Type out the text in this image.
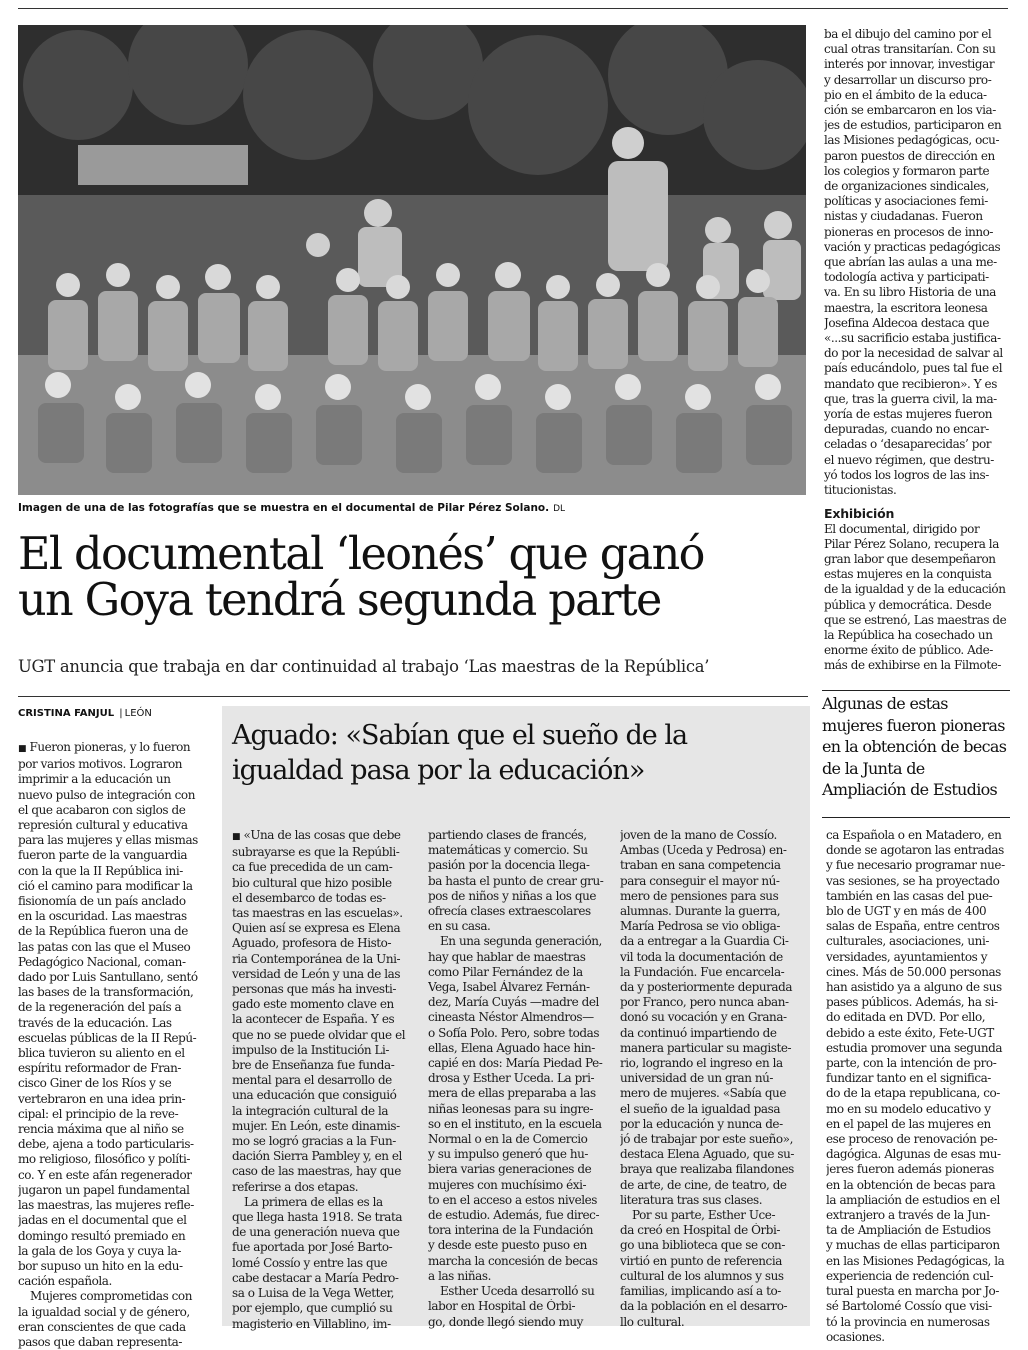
Imagen de una de las fotografías que se muestra en el documental de Pilar Pérez Solano. DL
El documental ‘leonés’ que ganó
un Goya tendrá segunda parte
UGT anuncia que trabaja en dar continuidad al trabajo ‘Las maestras de la República’
CRISTINA FANJUL | LEÓN
■ Fueron pioneras, y lo fueron
por varios motivos. Lograron
imprimir a la educación un
nuevo pulso de integración con
el que acabaron con siglos de
represión cultural y educativa
para las mujeres y ellas mismas
fueron parte de la vanguardia
con la que la II República ini-
ció el camino para modificar la
fisionomía de un país anclado
en la oscuridad. Las maestras
de la República fueron una de
las patas con las que el Museo
Pedagógico Nacional, coman-
dado por Luis Santullano, sentó
las bases de la transformación,
de la regeneración del país a
través de la educación. Las
escuelas públicas de la II Repú-
blica tuvieron su aliento en el
espíritu reformador de Fran-
cisco Giner de los Ríos y se
vertebraron en una idea prin-
cipal: el principio de la reve-
rencia máxima que al niño se
debe, ajena a todo particularis-
mo religioso, filosófico y políti-
co. Y en este afán regenerador
jugaron un papel fundamental
las maestras, las mujeres refle-
jadas en el documental que el
domingo resultó premiado en
la gala de los Goya y cuya la-
bor supuso un hito en la edu-
cación española.
Mujeres comprometidas con
la igualdad social y de género,
eran conscientes de que cada
pasos que daban representa-
ba el dibujo del camino por el
cual otras transitarían. Con su
interés por innovar, investigar
y desarrollar un discurso pro-
pio en el ámbito de la educa-
ción se embarcaron en los via-
jes de estudios, participaron en
las Misiones pedagógicas, ocu-
paron puestos de dirección en
los colegios y formaron parte
de organizaciones sindicales,
políticas y asociaciones femi-
nistas y ciudadanas. Fueron
pioneras en procesos de inno-
vación y practicas pedagógicas
que abrían las aulas a una me-
todología activa y participati-
va. En su libro Historia de una
maestra, la escritora leonesa
Josefina Aldecoa destaca que
«...su sacrificio estaba justifica-
do por la necesidad de salvar al
país educándolo, pues tal fue el
mandato que recibieron». Y es
que, tras la guerra civil, la ma-
yoría de estas mujeres fueron
depuradas, cuando no encar-
celadas o ‘desaparecidas’ por
el nuevo régimen, que destru-
yó todos los logros de las ins-
titucionistas.
Exhibición
El documental, dirigido por
Pilar Pérez Solano, recupera la
gran labor que desempeñaron
estas mujeres en la conquista
de la igualdad y de la educación
pública y democrática. Desde
que se estrenó, Las maestras de
la República ha cosechado un
enorme éxito de público. Ade-
más de exhibirse en la Filmote-
Algunas de estas
mujeres fueron pioneras
en la obtención de becas
de la Junta de
Ampliación de Estudios
ca Española o en Matadero, en
donde se agotaron las entradas
y fue necesario programar nue-
vas sesiones, se ha proyectado
también en las casas del pue-
blo de UGT y en más de 400
salas de España, entre centros
culturales, asociaciones, uni-
versidades, ayuntamientos y
cines. Más de 50.000 personas
han asistido ya a alguno de sus
pases públicos. Además, ha si-
do editada en DVD. Por ello,
debido a este éxito, Fete-UGT
estudia promover una segunda
parte, con la intención de pro-
fundizar tanto en el significa-
do de la etapa republicana, co-
mo en su modelo educativo y
en el papel de las mujeres en
ese proceso de renovación pe-
dagógica. Algunas de esas mu-
jeres fueron además pioneras
en la obtención de becas para
la ampliación de estudios en el
extranjero a través de la Jun-
ta de Ampliación de Estudios
y muchas de ellas participaron
en las Misiones Pedagógicas, la
experiencia de redención cul-
tural puesta en marcha por Jo-
sé Bartolomé Cossío que visi-
tó la provincia en numerosas
ocasiones.
Aguado: «Sabían que el sueño de la
igualdad pasa por la educación»
■ «Una de las cosas que debe
subrayarse es que la Repúbli-
ca fue precedida de un cam-
bio cultural que hizo posible
el desembarco de todas es-
tas maestras en las escuelas».
Quien así se expresa es Elena
Aguado, profesora de Histo-
ria Contemporánea de la Uni-
versidad de León y una de las
personas que más ha investi-
gado este momento clave en
la acontecer de España. Y es
que no se puede olvidar que el
impulso de la Institución Li-
bre de Enseñanza fue funda-
mental para el desarrollo de
una educación que consiguió
la integración cultural de la
mujer. En León, este dinamis-
mo se logró gracias a la Fun-
dación Sierra Pambley y, en el
caso de las maestras, hay que
referirse a dos etapas.
La primera de ellas es la
que llega hasta 1918. Se trata
de una generación nueva que
fue aportada por José Barto-
lomé Cossío y entre las que
cabe destacar a María Pedro-
sa o Luisa de la Vega Wetter,
por ejemplo, que cumplió su
magisterio en Villablino, im-
partiendo clases de francés,
matemáticas y comercio. Su
pasión por la docencia llega-
ba hasta el punto de crear gru-
pos de niños y niñas a los que
ofrecía clases extraescolares
en su casa.
En una segunda generación,
hay que hablar de maestras
como Pilar Fernández de la
Vega, Isabel Álvarez Fernán-
dez, María Cuyás —madre del
cineasta Néstor Almendros—
o Sofía Polo. Pero, sobre todas
ellas, Elena Aguado hace hin-
capié en dos: María Piedad Pe-
drosa y Esther Uceda. La pri-
mera de ellas preparaba a las
niñas leonesas para su ingre-
so en el instituto, en la escuela
Normal o en la de Comercio
y su impulso generó que hu-
biera varias generaciones de
mujeres con muchísimo éxi-
to en el acceso a estos niveles
de estudio. Además, fue direc-
tora interina de la Fundación
y desde este puesto puso en
marcha la concesión de becas
a las niñas.
Esther Uceda desarrolló su
labor en Hospital de Órbi-
go, donde llegó siendo muy
joven de la mano de Cossío.
Ambas (Uceda y Pedrosa) en-
traban en sana competencia
para conseguir el mayor nú-
mero de pensiones para sus
alumnas. Durante la guerra,
María Pedrosa se vio obliga-
da a entregar a la Guardia Ci-
vil toda la documentación de
la Fundación. Fue encarcela-
da y posteriormente depurada
por Franco, pero nunca aban-
donó su vocación y en Grana-
da continuó impartiendo de
manera particular su magiste-
rio, logrando el ingreso en la
universidad de un gran nú-
mero de mujeres. «Sabía que
el sueño de la igualdad pasa
por la educación y nunca de-
jó de trabajar por este sueño»,
destaca Elena Aguado, que su-
braya que realizaba filandones
de arte, de cine, de teatro, de
literatura tras sus clases.
Por su parte, Esther Uce-
da creó en Hospital de Órbi-
go una biblioteca que se con-
virtió en punto de referencia
cultural de los alumnos y sus
familias, implicando así a to-
da la población en el desarro-
llo cultural.
